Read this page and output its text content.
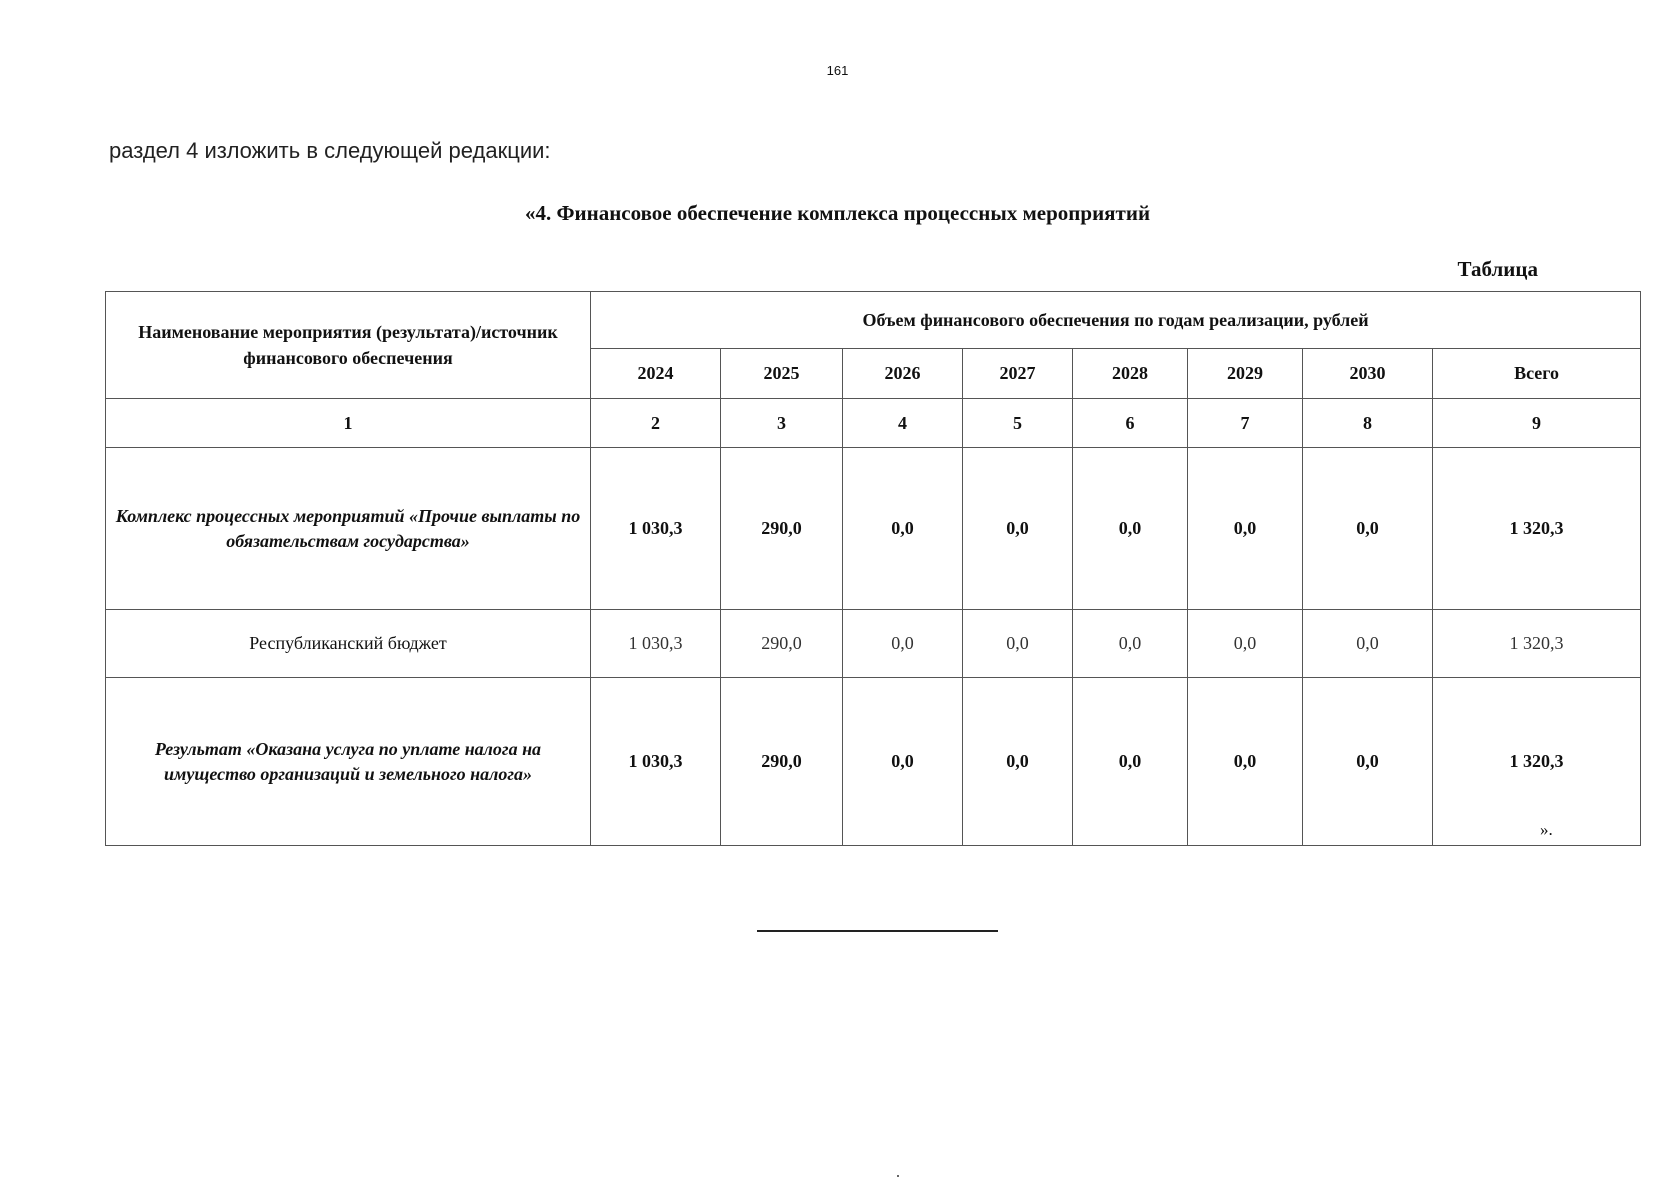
161
раздел 4 изложить в следующей редакции:
«4. Финансовое обеспечение комплекса процессных мероприятий
Таблица
Наименование мероприятия (результата)/источник финансового обеспечения	Объем финансового обеспечения по годам реализации, рублей							
	2024	2025	2026	2027	2028	2029	2030	Всего
1	2	3	4	5	6	7	8	9
Комплекс процессных мероприятий «Прочие выплаты по обязательствам государства»	1 030,3	290,0	0,0	0,0	0,0	0,0	0,0	1 320,3
Республиканский бюджет	1 030,3	290,0	0,0	0,0	0,0	0,0	0,0	1 320,3
Результат «Оказана услуга по уплате налога на имущество организаций и земельного налога»	1 030,3	290,0	0,0	0,0	0,0	0,0	0,0	1 320,3
».
